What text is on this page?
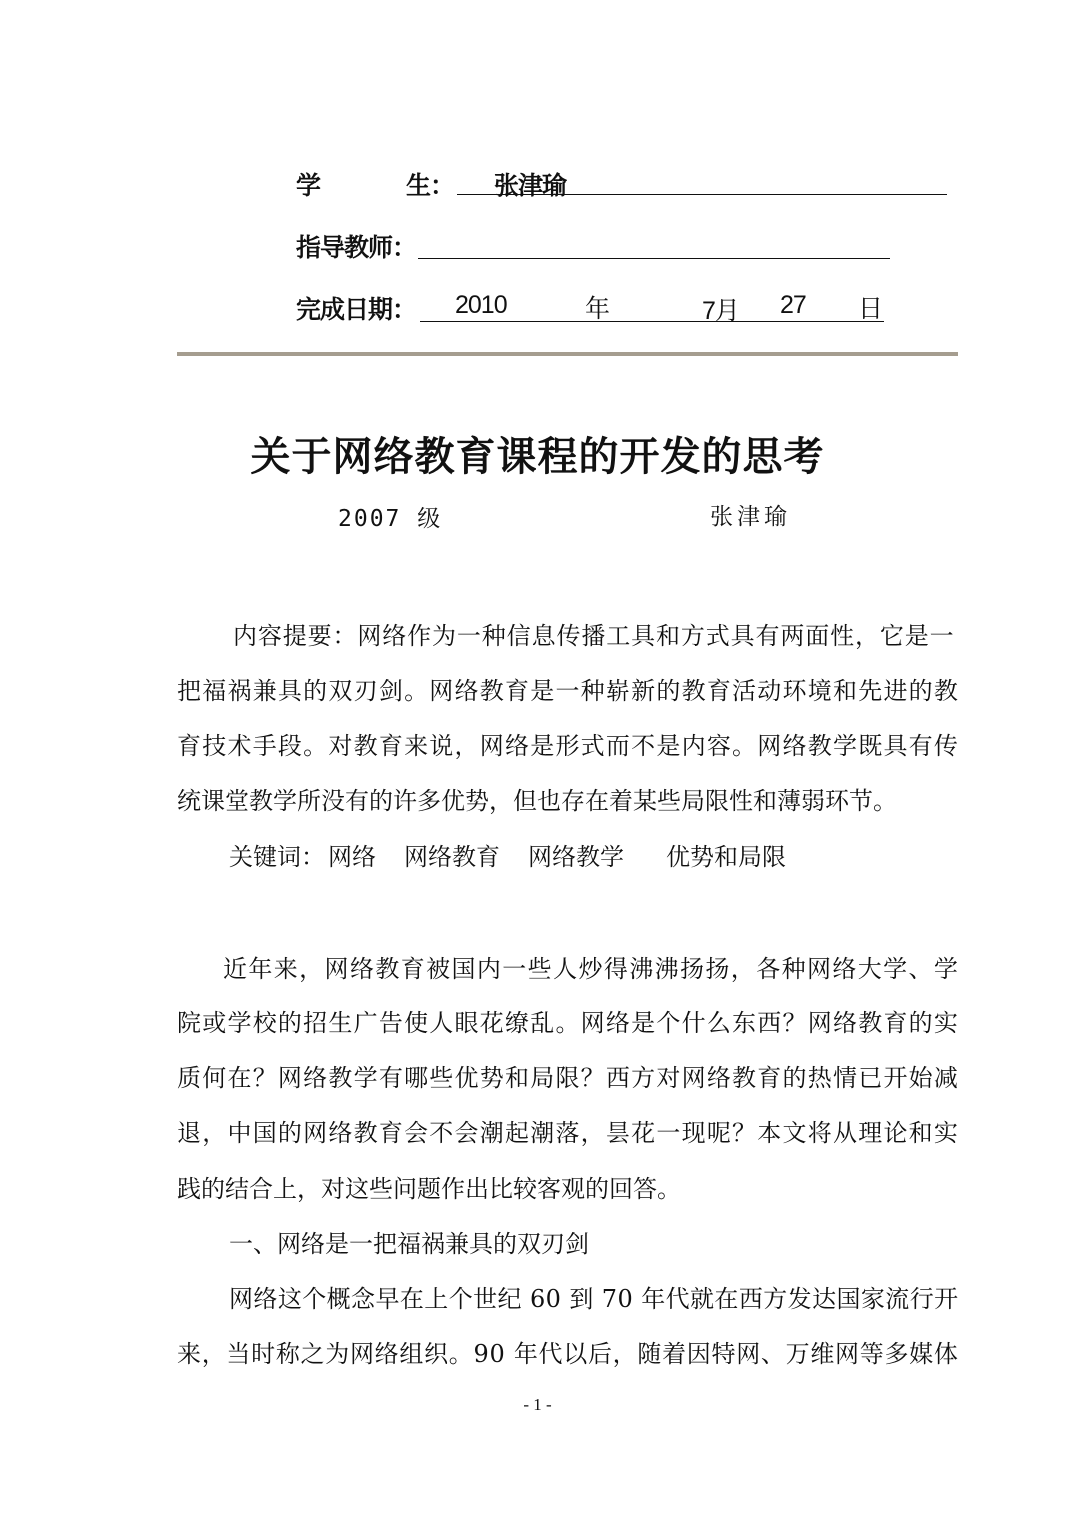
学	生： 张津瑜
指导教师：
完成日期： 2010	年	7月 27 日
关于网络教育课程的开发的思考
2007 级	张津瑜
内容提要：网络作为一种信息传播工具和方式具有两面性，它是一
把福祸兼具的双刃剑。网络教育是一种崭新的教育活动环境和先进的教
育技术手段。对教育来说，网络是形式而不是内容。网络教学既具有传
统课堂教学所没有的许多优势，但也存在着某些局限性和薄弱环节。
关键词： 网络 网络教育 网络教学 优势和局限
近年来，网络教育被国内一些人炒得沸沸扬扬，各种网络大学、学
院或学校的招生广告使人眼花缭乱。网络是个什么东西？网络教育的实
质何在？网络教学有哪些优势和局限？西方对网络教育的热情已开始减
退，中国的网络教育会不会潮起潮落，昙花一现呢？本文将从理论和实
践的结合上，对这些问题作出比较客观的回答。
一、网络是一把福祸兼具的双刃剑
网络这个概念早在上个世纪 60 到 70 年代就在西方发达国家流行开
来，当时称之为网络组织。90 年代以后，随着因特网、万维网等多媒体
- 1 -
